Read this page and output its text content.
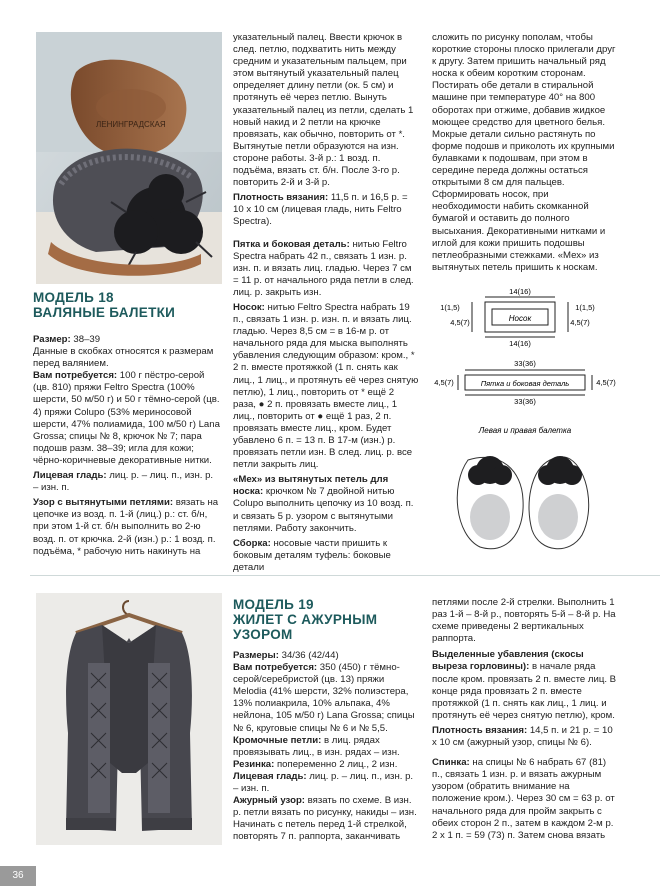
ЛЕНИНГРАДСКАЯ
МОДЕЛЬ 18
ВАЛЯНЫЕ БАЛЕТКИ

Размер: 38–39

Данные в скобках относятся к размерам перед валянием.

Вам потребуется: 100 г пёстро-серой (цв. 810) пряжи Feltro Spectra (100% шерсти, 50 м/50 г) и 50 г тёмно-серой (цв. 4) пряжи Colupo (53% мериносовой шерсти, 47% полиамида, 100 м/50 г) Lana Grossa; спицы № 8, крючок № 7; пара подошв разм. 38–39; игла для кожи; чёрно-коричневые декоративные нитки.

Лицевая гладь: лиц. р. – лиц. п., изн. р. – изн. п.

Узор с вытянутыми петлями: вязать на цепочке из возд. п. 1-й (лиц.) р.: ст. б/н, при этом 1-й ст. б/н выполнить во 2-ю возд. п. от крючка. 2-й (изн.) р.: 1 возд. п. подъёма, * рабочую нить накинуть на

указательный палец. Ввести крючок в след. петлю, подхватить нить между средним и указательным пальцем, при этом вытянутый указательный палец определяет длину петли (ок. 5 см) и протянуть её через петлю. Вынуть указательный палец из петли, сделать 1 новый накид и 2 петли на крючке провязать, как обычно, повторить от *. Вытянутые петли образуются на изн. стороне работы. 3-й р.: 1 возд. п. подъёма, вязать ст. б/н. После 3-го р. повторить 2-й и 3-й р.

Плотность вязания: 11,5 п. и 16,5 р. = 10 х 10 см (лицевая гладь, нить Feltro Spectra).

Пятка и боковая деталь: нитью Feltro Spectra набрать 42 п., связать 1 изн. р. изн. п. и вязать лиц. гладью. Через 7 см = 11 р. от начального ряда петли в след. лиц. р. закрыть изн.

Носок: нитью Feltro Spectra набрать 19 п., связать 1 изн. р. изн. п. и вязать лиц. гладью. Через 8,5 см = в 16-м р. от начального ряда для мыска выполнять убавления следующим образом: кром., * 2 п. вместе протяжкой (1 п. снять как лиц., 1 лиц., и протянуть её через снятую петлю), 1 лиц., повторить от * ещё 2 раза, ● 2 п. провязать вместе лиц., 1 лиц., повторить от ● ещё 1 раз, 2 п. провязать вместе лиц., кром. Будет убавлено 6 п. = 13 п. В 17-м (изн.) р. провязать петли изн. В след. лиц. р. все петли закрыть лиц.

«Мех» из вытянутых петель для носка: крючком № 7 двойной нитью Colupo выполнить цепочку из 10 возд. п. и связать 5 р. узором с вытянутыми петлями. Работу закончить.

Сборка: носовые части пришить к боковым деталям туфель: боковые детали

сложить по рисунку пополам, чтобы короткие стороны плоско прилегали друг к другу. Затем пришить начальный ряд носка к обеим коротким сторонам. Постирать обе детали в стиральной машине при температуре 40° на 800 оборотах при отжиме, добавив жидкое моющее средство для цветного белья. Мокрые детали сильно растянуть по форме подошв и приколоть их крупными булавками к подошвам, при этом в середине переда должны остаться открытыми 8 см для пальцев. Сформировать носок, при необходимости набить скомканной бумагой и оставить до полного высыхания. Декоративными нитками и иглой для кожи пришить подошвы петлеобразными стежками. «Мех» из вытянутых петель пришить к носкам.

14(16)
Носок
14(16)
1(1,5)
4,5(7)
1(1,5)
4,5(7)
33(36)
Пятка и боковая деталь
33(36)
4,5(7)	4,5(7)
Левая и правая балетка
МОДЕЛЬ 19
ЖИЛЕТ С АЖУРНЫМ
УЗОРОМ

Размеры: 34/36 (42/44)

Вам потребуется: 350 (450) г тёмно-серой/серебристой (цв. 13) пряжи Melodia (41% шерсти, 32% полиэстера, 13% полиакрила, 10% альпака, 4% нейлона, 105 м/50 г) Lana Grossa; спицы № 6, круговые спицы № 6 и № 5,5.

Кромочные петли: в лиц. рядах провязывать лиц., в изн. рядах – изн.

Резинка: попеременно 2 лиц., 2 изн.

Лицевая гладь: лиц. р. – лиц. п., изн. р. – изн. п.

Ажурный узор: вязать по схеме. В изн. р. петли вязать по рисунку, накиды – изн. Начинать с петель перед 1-й стрелкой, повторять 7 п. раппорта, заканчивать

петлями после 2-й стрелки. Выполнить 1 раз 1-й – 8-й р., повторять 5-й – 8-й р. На схеме приведены 2 вертикальных раппорта.

Выделенные убавления (скосы выреза горловины): в начале ряда после кром. провязать 2 п. вместе лиц. В конце ряда провязать 2 п. вместе протяжкой (1 п. снять как лиц., 1 лиц. и протянуть её через снятую петлю), кром.

Плотность вязания: 14,5 п. и 21 р. = 10 х 10 см (ажурный узор, спицы № 6).

Спинка: на спицы № 6 набрать 67 (81) п., связать 1 изн. р. и вязать ажурным узором (обратить внимание на положение кром.). Через 30 см = 63 р. от начального ряда для пройм закрыть с обеих сторон 2 п., затем в каждом 2-м р. 2 х 1 п. = 59 (73) п. Затем снова вязать

36
